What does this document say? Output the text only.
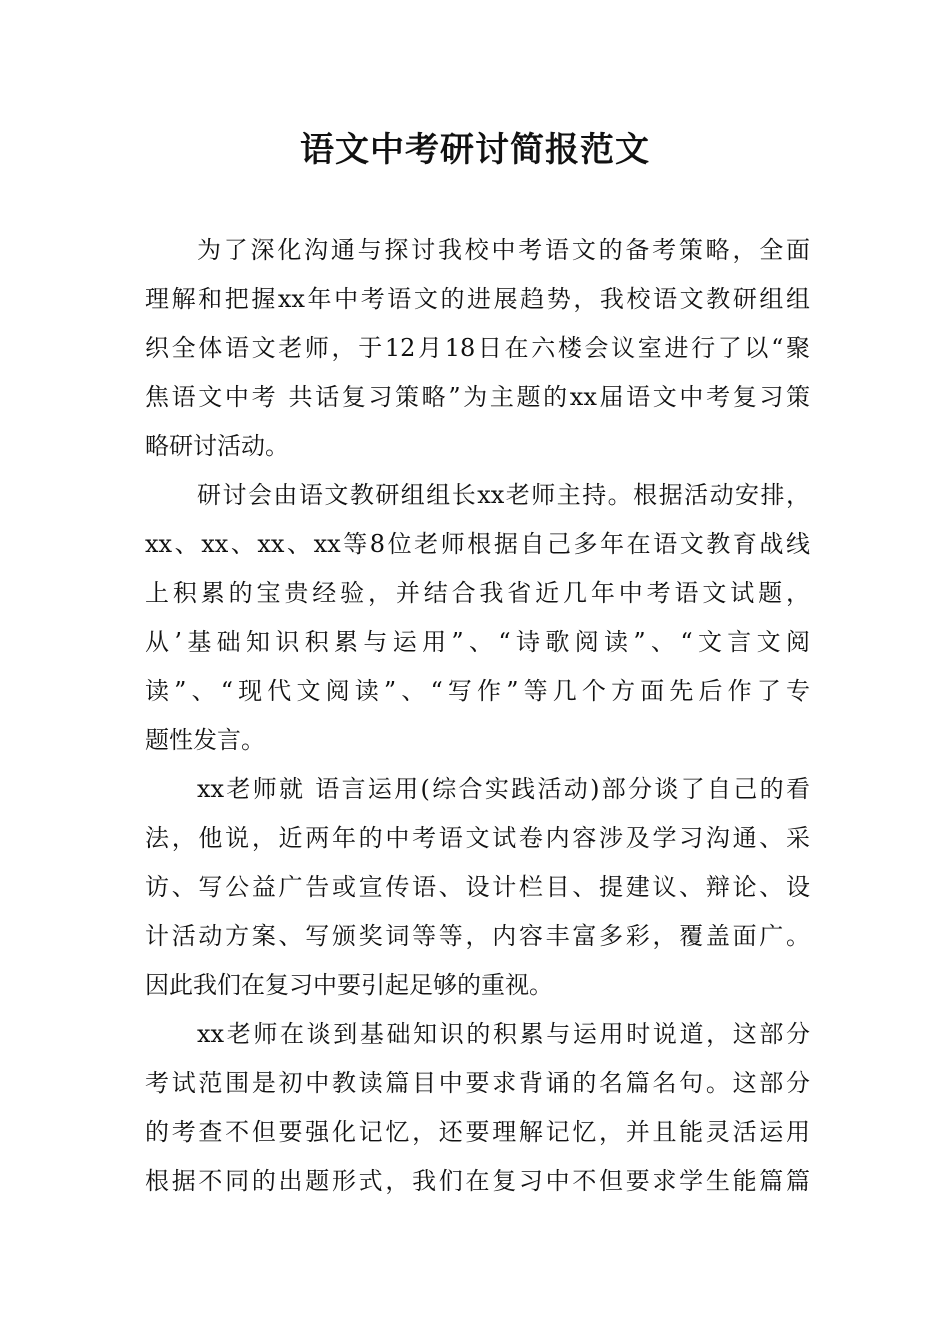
语文中考研讨简报范文
为了深化沟通与探讨我校中考语文的备考策略，全面
理解和把握xx年中考语文的进展趋势，我校语文教研组组
织全体语文老师，于12月18日在六楼会议室进行了以“聚
焦语文中考 共话复习策略”为主题的xx届语文中考复习策
略研讨活动。
研讨会由语文教研组组长xx老师主持。根据活动安排，
xx、xx、xx、xx等8位老师根据自己多年在语文教育战线
上积累的宝贵经验，并结合我省近几年中考语文试题，
从’基础知识积累与运用”、“诗歌阅读”、“文言文阅
读”、“现代文阅读”、“写作”等几个方面先后作了专
题性发言。
xx老师就 语言运用(综合实践活动)部分谈了自己的看
法，他说，近两年的中考语文试卷内容涉及学习沟通、采
访、写公益广告或宣传语、设计栏目、提建议、辩论、设
计活动方案、写颁奖词等等，内容丰富多彩，覆盖面广。
因此我们在复习中要引起足够的重视。
xx老师在谈到基础知识的积累与运用时说道，这部分
考试范围是初中教读篇目中要求背诵的名篇名句。这部分
的考查不但要强化记忆，还要理解记忆，并且能灵活运用
根据不同的出题形式，我们在复习中不但要求学生能篇篇
